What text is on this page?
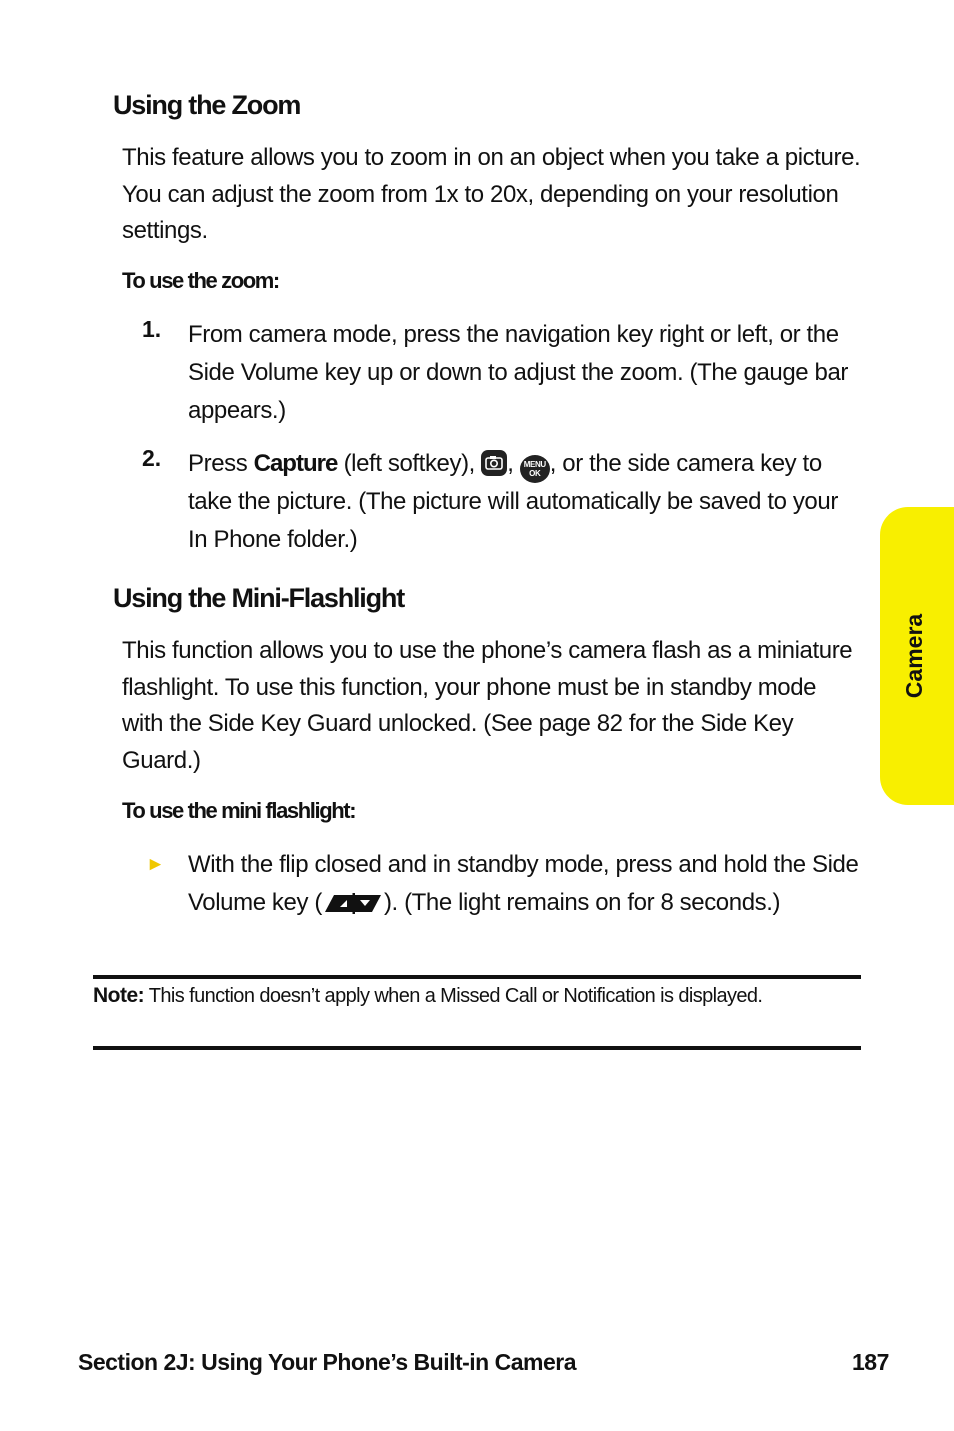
Using the Zoom

This feature allows you to zoom in on an object when you take a picture. You can adjust the zoom from 1x to 20x, depending on your resolution settings.

To use the zoom:

1.	From camera mode, press the navigation key right or left, or the Side Volume key up or down to adjust the zoom. (The gauge bar appears.)
2.	Press Capture (left softkey), , MENU
OK , or the side camera key to take the picture. (The picture will automatically be saved to your In Phone folder.)
Using the Mini-Flashlight

This function allows you to use the phone’s camera flash as a miniature flashlight. To use this function, your phone must be in standby mode with the Side Key Guard unlocked. (See page 82 for the Side Key Guard.)

To use the mini flashlight:

► With the flip closed and in standby mode, press and hold the Side Volume key (	). (The light remains on for 8 seconds.)
Note: This function doesn’t apply when a Missed Call or Notification is displayed.
Camera
Section 2J: Using Your Phone’s Built-in Camera	187
